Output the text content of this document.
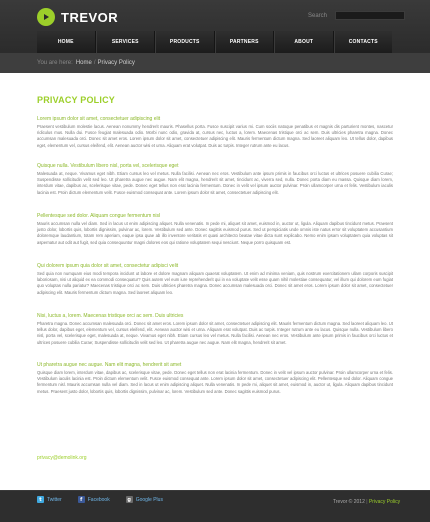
TREVOR	Search
HOME	SERVICES	PRODUCTS	PARTNERS	ABOUT	CONTACTS
You are here: Home / Privacy Policy
PRIVACY POLICY
Lorem ipsum dolor sit amet, consectetuer adipiscing elit
Praesent vestibulum molestie lacus. Aenean nonummy hendrerit mauris. Phasellus porta. Fusce suscipit varius mi. Cum sociis natoque penatibus et magnis dis parturient montes, nascetur ridiculus mus. Nulla dui. Fusce feugiat malesuada odio. Morbi nunc odio, gravida at, cursus nec, luctus a, lorem. Maecenas tristique orci ac sem. Duis ultricies pharetra magna. Donec accumsan malesuada orci. Donec sit amet eros. Lorem ipsum dolor sit amet, consectetuer adipiscing elit. Mauris fermentum dictum magna. Sed laoreet aliquam leo. Ut tellus dolor, dapibus eget, elementum vel, cursus eleifend, elit. Aenean auctor wisi et urna. Aliquam erat volutpat. Duis ac turpis. Integer rutrum ante eu lacus.
Quisque nulla. Vestibulum libero nisl, porta vel, scelerisque eget
Malesuada at, neque. Vivamus eget nibh. Etiam cursus leo vel metus. Nulla facilisi. Aenean nec eros. Vestibulum ante ipsum primis in faucibus orci luctus et ultrices posuere cubilia Curae; Suspendisse sollicitudin velit sed leo. Ut pharetra augue nec augue. Nam elit magna, hendrerit sit amet, tincidunt ac, viverra sed, nulla. Donec porta diam eu massa. Quisque diam lorem, interdum vitae, dapibus ac, scelerisque vitae, pede. Donec eget tellus non erat lacinia fermentum. Donec in velit vel ipsum auctor pulvinar. Proin ullamcorper urna et felis. Vestibulum iaculis lacinia est. Proin dictum elementum velit. Fusce euismod consequat ante. Lorem ipsum dolor sit amet, consectetuer adipiscing elit.
Pellentesque sed dolor. Aliquam congue fermentum nisl
Mauris accumsan nulla vel diam. Sed in lacus ut enim adipiscing aliquet. Nulla venenatis. In pede mi, aliquet sit amet, euismod in, auctor ut, ligula. Aliquam dapibus tincidunt metus. Praesent justo dolor, lobortis quis, lobortis dignissim, pulvinar ac, lorem. Vestibulum sed ante. Donec sagittis euismod purus. Sed ut perspiciatis unde omnis iste natus error sit voluptatem accusantium doloremque laudantium, totam rem aperiam, eaque ipsa quae ab illo inventore veritatis et quasi architecto beatae vitae dicta sunt explicabo. Nemo enim ipsam voluptatem quia voluptas sit aspernatur aut odit aut fugit, sed quia consequuntur magni dolores eos qui ratione voluptatem sequi nesciunt. Neque porro quisquam est.
Qui dolorem ipsum quia dolor sit amet, consectetur adipisci velit
Sed quia non numquam eius modi tempora incidunt ut labore et dolore magnam aliquam quaerat voluptatem. Ut enim ad minima veniam, quis nostrum exercitationem ullam corporis suscipit laboriosam, nisi ut aliquid ex ea commodi consequatur? Quis autem vel eum iure reprehenderit qui in ea voluptate velit esse quam nihil molestiae consequatur, vel illum qui dolorem eum fugiat quo voluptas nulla pariatur? Maecenas tristique orci ac sem. Duis ultricies pharetra magna. Donec accumsan malesuada orci. Donec sit amet eros. Lorem ipsum dolor sit amet, consectetuer adipiscing elit. Mauris fermentum dictum magna. Sed laoreet aliquam leo.
Nisi, luctus a, lorem. Maecenas tristique orci ac sem. Duis ultricies
Pharetra magna. Donec accumsan malesuada orci. Donec sit amet eros. Lorem ipsum dolor sit amet, consectetuer adipiscing elit. Mauris fermentum dictum magna. Sed laoreet aliquam leo. Ut tellus dolor, dapibus eget, elementum vel, cursus eleifend, elit. Aenean auctor wisi et urna. Aliquam erat volutpat. Duis ac turpis. Integer rutrum ante eu lacus. Quisque nulla. Vestibulum libero nisl, porta vel, scelerisque eget, malesuada at, neque. Vivamus eget nibh. Etiam cursus leo vel metus. Nulla facilisi. Aenean nec eros. Vestibulum ante ipsum primis in faucibus orci luctus et ultrices posuere cubilia Curae; Suspendisse sollicitudin velit sed leo. Ut pharetra augue nec augue. Nam elit magna, hendrerit sit amet.
Ut pharetra augue nec augue. Nam elit magna, hendrerit sit amet
Quisque diam lorem, interdum vitae, dapibus ac, scelerisque vitae, pede. Donec eget tellus non erat lacinia fermentum. Donec in velit vel ipsum auctor pulvinar. Proin ullamcorper urna et felis. Vestibulum iaculis lacinia est. Proin dictum elementum velit. Fusce euismod consequat ante. Lorem ipsum dolor sit amet, consectetuer adipiscing elit. Pellentesque sed dolor. Aliquam congue fermentum nisl. Mauris accumsan nulla vel diam. Sed in lacus ut enim adipiscing aliquet. Nulla venenatis. In pede mi, aliquet sit amet, euismod in, auctor ut, ligula. Aliquam dapibus tincidunt metus. Praesent justo dolor, lobortis quis, lobortis dignissim, pulvinar ac, lorem. Vestibulum sed ante. Donec sagittis euismod purus.
privacy@demolink.org
t	Twitter	f	Facebook	g Google Plus	Trevor © 2012 | Privacy Policy
